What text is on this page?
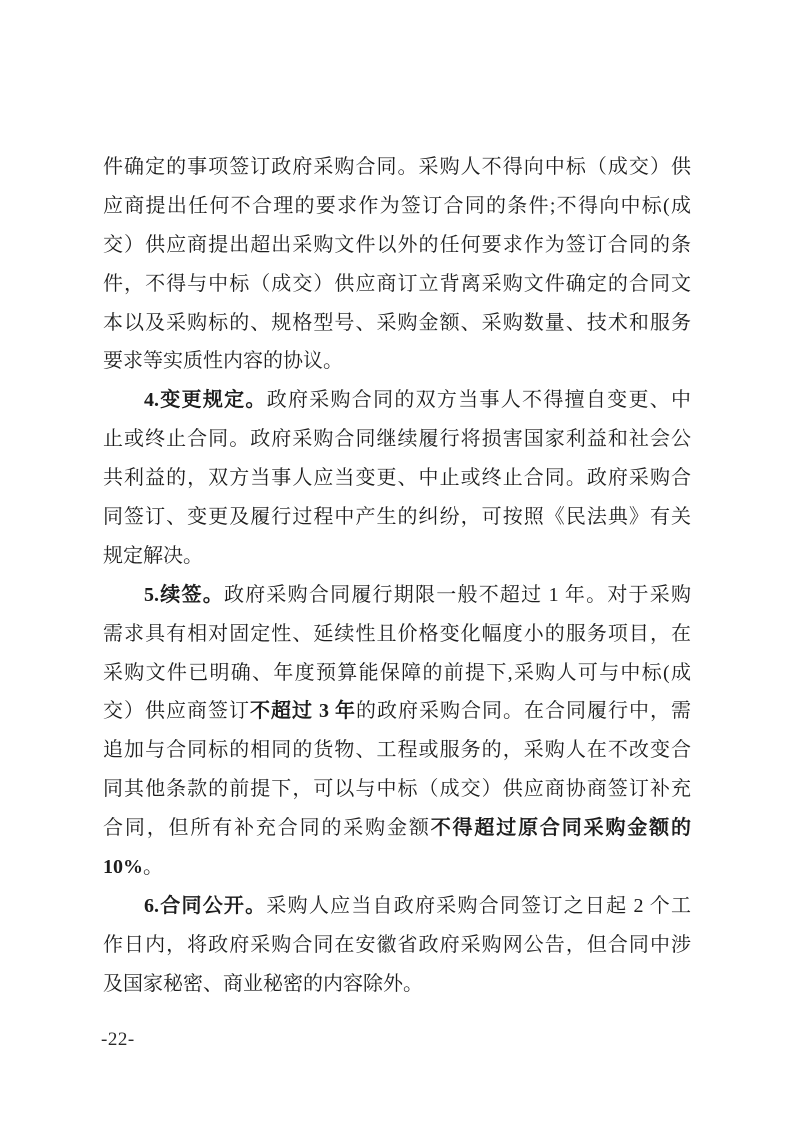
件确定的事项签订政府采购合同。采购人不得向中标（成交）供
应商提出任何不合理的要求作为签订合同的条件;不得向中标(成
交）供应商提出超出采购文件以外的任何要求作为签订合同的条
件，不得与中标（成交）供应商订立背离采购文件确定的合同文
本以及采购标的、规格型号、采购金额、采购数量、技术和服务
要求等实质性内容的协议。
4.变更规定。政府采购合同的双方当事人不得擅自变更、中
止或终止合同。政府采购合同继续履行将损害国家利益和社会公
共利益的，双方当事人应当变更、中止或终止合同。政府采购合
同签订、变更及履行过程中产生的纠纷，可按照《民法典》有关
规定解决。
5.续签。政府采购合同履行期限一般不超过 1 年。对于采购
需求具有相对固定性、延续性且价格变化幅度小的服务项目，在
采购文件已明确、年度预算能保障的前提下,采购人可与中标(成
交）供应商签订不超过 3 年的政府采购合同。在合同履行中，需
追加与合同标的相同的货物、工程或服务的，采购人在不改变合
同其他条款的前提下，可以与中标（成交）供应商协商签订补充
合同，但所有补充合同的采购金额不得超过原合同采购金额的
10%。
6.合同公开。采购人应当自政府采购合同签订之日起 2 个工
作日内，将政府采购合同在安徽省政府采购网公告，但合同中涉
及国家秘密、商业秘密的内容除外。
-22-
